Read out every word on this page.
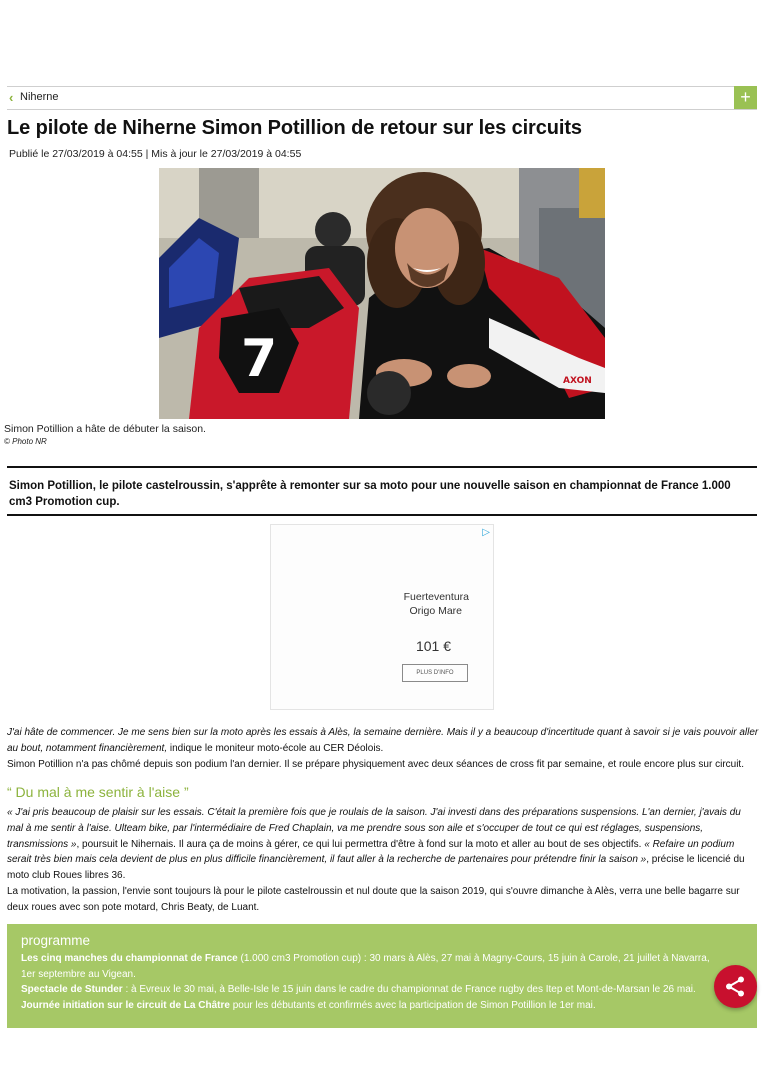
‹ Niherne	+
Le pilote de Niherne Simon Potillion de retour sur les circuits
Publié le 27/03/2019 à 04:55 | Mis à jour le 27/03/2019 à 04:55
7	AXON
Simon Potillion a hâte de débuter la saison.
© Photo NR

Simon Potillion, le pilote castelroussin, s'apprête à remonter sur sa moto pour une nouvelle saison en championnat de France 1.000 cm3 Promotion cup.

▷
Fuerteventura
Origo Mare
101 €
PLUS D'INFO

J'ai hâte de commencer. Je me sens bien sur la moto après les essais à Alès, la semaine dernière. Mais il y a beaucoup d'incertitude quant à savoir si je vais pouvoir aller au bout, notamment financièrement, indique le moniteur moto-école au CER Déolois.

Simon Potillion n'a pas chômé depuis son podium l'an dernier. Il se prépare physiquement avec deux séances de cross fit par semaine, et roule encore plus sur circuit.

“ Du mal à me sentir à l'aise ”

« J'ai pris beaucoup de plaisir sur les essais. C'était la première fois que je roulais de la saison. J'ai investi dans des préparations suspensions. L'an dernier, j'avais du mal à me sentir à l'aise. Ulteam bike, par l'intermédiaire de Fred Chaplain, va me prendre sous son aile et s'occuper de tout ce qui est réglages, suspensions, transmissions », poursuit le Nihernais. Il aura ça de moins à gérer, ce qui lui permettra d'être à fond sur la moto et aller au bout de ses objectifs. « Refaire un podium serait très bien mais cela devient de plus en plus difficile financièrement, il faut aller à la recherche de partenaires pour prétendre finir la saison », précise le licencié du moto club Roues libres 36.

La motivation, la passion, l'envie sont toujours là pour le pilote castelroussin et nul doute que la saison 2019, qui s'ouvre dimanche à Alès, verra une belle bagarre sur deux roues avec son pote motard, Chris Beaty, de Luant.

programme

Les cinq manches du championnat de France (1.000 cm3 Promotion cup) : 30 mars à Alès, 27 mai à Magny-Cours, 15 juin à Carole, 21 juillet à Navarra, 1er septembre au Vigean.

Spectacle de Stunder : à Evreux le 30 mai, à Belle-Isle le 15 juin dans le cadre du championnat de France rugby des Itep et Mont-de-Marsan le 26 mai.

Journée initiation sur le circuit de La Châtre pour les débutants et confirmés avec la participation de Simon Potillion le 1er mai.
